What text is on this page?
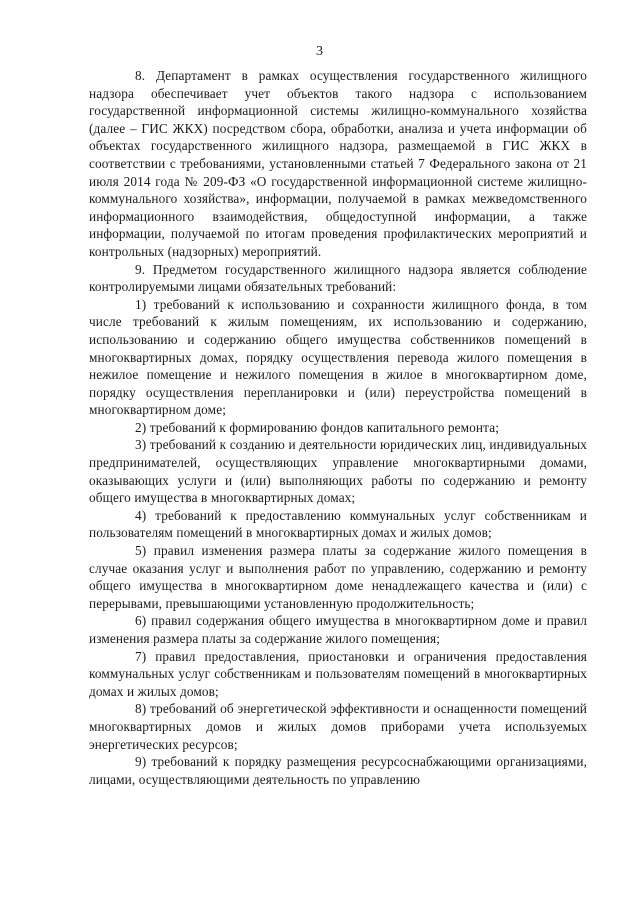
3

8. Департамент в рамках осуществления государственного жилищного надзора обеспечивает учет объектов такого надзора с использованием государственной информационной системы жилищно-коммунального хозяйства (далее – ГИС ЖКХ) посредством сбора, обработки, анализа и учета информации об объектах государственного жилищного надзора, размещаемой в ГИС ЖКХ в соответствии с требованиями, установленными статьей 7 Федерального закона от 21 июля 2014 года № 209-ФЗ «О государственной информационной системе жилищно-коммунального хозяйства», информации, получаемой в рамках межведомственного информационного взаимодействия, общедоступной информации, а также информации, получаемой по итогам проведения профилактических мероприятий и контрольных (надзорных) мероприятий.

9. Предметом государственного жилищного надзора является соблюдение контролируемыми лицами обязательных требований:

1) требований к использованию и сохранности жилищного фонда, в том числе требований к жилым помещениям, их использованию и содержанию, использованию и содержанию общего имущества собственников помещений в многоквартирных домах, порядку осуществления перевода жилого помещения в нежилое помещение и нежилого помещения в жилое в многоквартирном доме, порядку осуществления перепланировки и (или) переустройства помещений в многоквартирном доме;

2) требований к формированию фондов капитального ремонта;

3) требований к созданию и деятельности юридических лиц, индивидуальных предпринимателей, осуществляющих управление многоквартирными домами, оказывающих услуги и (или) выполняющих работы по содержанию и ремонту общего имущества в многоквартирных домах;

4) требований к предоставлению коммунальных услуг собственникам и пользователям помещений в многоквартирных домах и жилых домов;

5) правил изменения размера платы за содержание жилого помещения в случае оказания услуг и выполнения работ по управлению, содержанию и ремонту общего имущества в многоквартирном доме ненадлежащего качества и (или) с перерывами, превышающими установленную продолжительность;

6) правил содержания общего имущества в многоквартирном доме и правил изменения размера платы за содержание жилого помещения;

7) правил предоставления, приостановки и ограничения предоставления коммунальных услуг собственникам и пользователям помещений в многоквартирных домах и жилых домов;

8) требований об энергетической эффективности и оснащенности помещений многоквартирных домов и жилых домов приборами учета используемых энергетических ресурсов;

9) требований к порядку размещения ресурсоснабжающими организациями, лицами, осуществляющими деятельность по управлению
